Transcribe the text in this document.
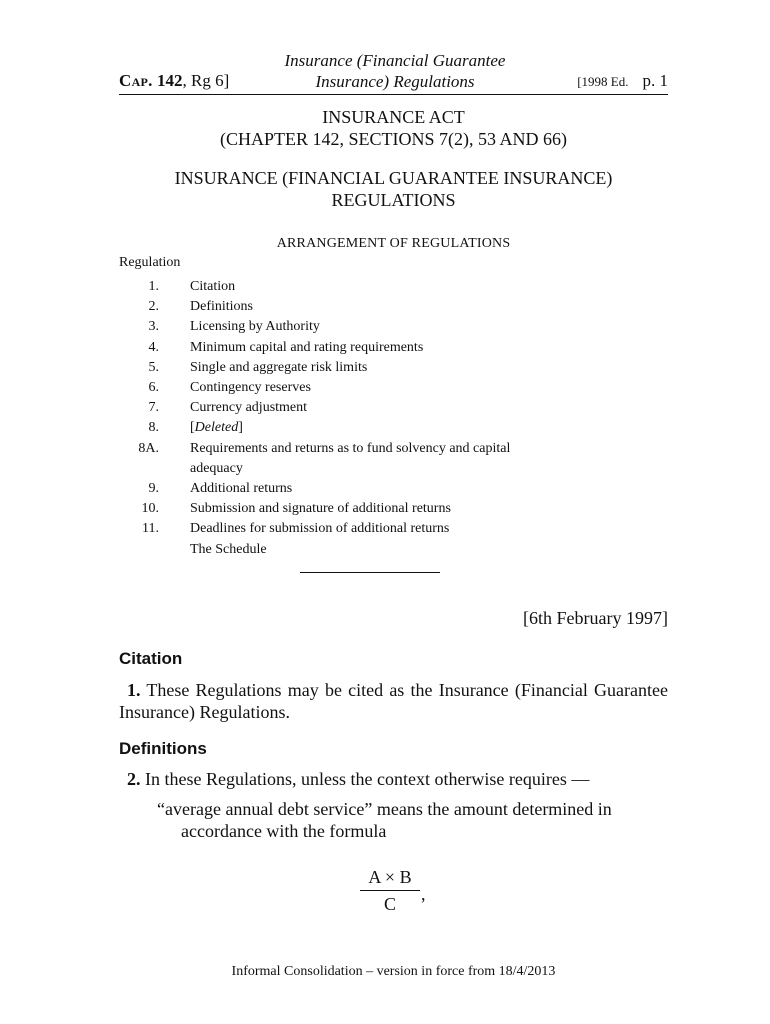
Insurance (Financial Guarantee
Insurance) Regulations
Cap. 142, Rg 6]	[1998 Ed. p. 1
INSURANCE ACT
(CHAPTER 142, SECTIONS 7(2), 53 AND 66)
INSURANCE (FINANCIAL GUARANTEE INSURANCE)
REGULATIONS
ARRANGEMENT OF REGULATIONS
Regulation
1. Citation
2. Definitions
3. Licensing by Authority
4. Minimum capital and rating requirements
5. Single and aggregate risk limits
6. Contingency reserves
7. Currency adjustment
8. [Deleted]
8A. Requirements and returns as to fund solvency and capital
adequacy
9. Additional returns
10. Submission and signature of additional returns
11. Deadlines for submission of additional returns
The Schedule
[6th February 1997]
Citation
1. These Regulations may be cited as the Insurance (Financial Guarantee Insurance) Regulations.
Definitions
2. In these Regulations, unless the context otherwise requires —
“average annual debt service” means the amount determined in
accordance with the formula
A × B
C	,
Informal Consolidation – version in force from 18/4/2013
